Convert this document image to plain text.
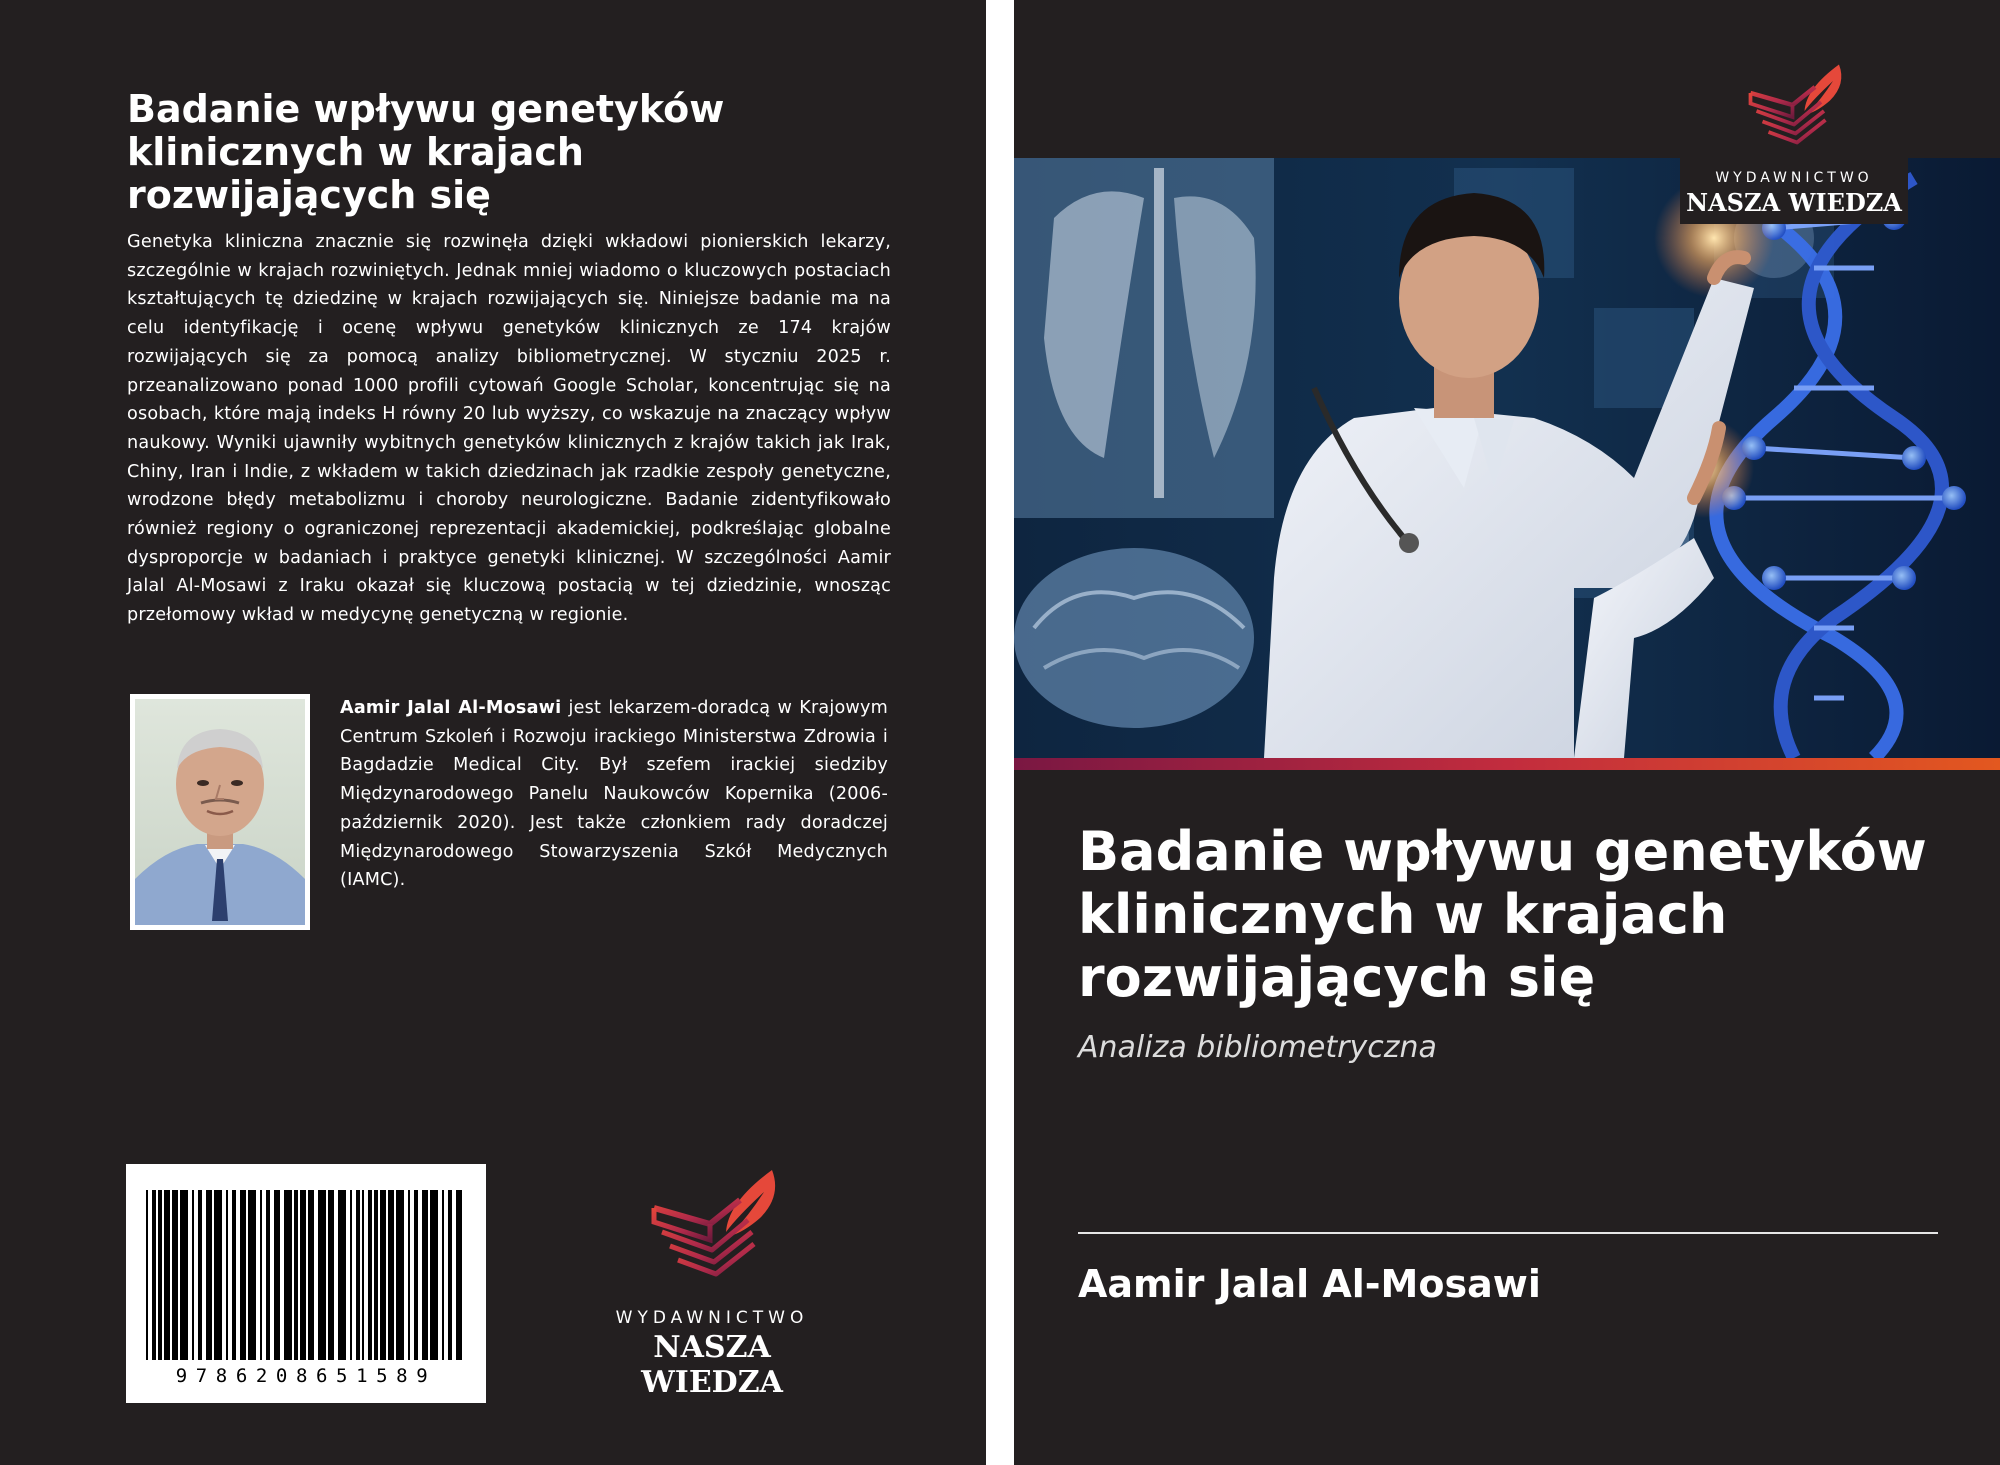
Badanie wpływu genetyków klinicznych w krajach rozwijających się

Genetyka kliniczna znacznie się rozwinęła dzięki wkładowi pionierskich lekarzy, szczególnie w krajach rozwiniętych. Jednak mniej wiadomo o kluczowych postaciach kształtujących tę dziedzinę w krajach rozwijających się. Niniejsze badanie ma na celu identyfikację i ocenę wpływu genetyków klinicznych ze 174 krajów rozwijających się za pomocą analizy bibliometrycznej. W styczniu 2025 r. przeanalizowano ponad 1000 profili cytowań Google Scholar, koncentrując się na osobach, które mają indeks H równy 20 lub wyższy, co wskazuje na znaczący wpływ naukowy. Wyniki ujawniły wybitnych genetyków klinicznych z krajów takich jak Irak, Chiny, Iran i Indie, z wkładem w takich dziedzinach jak rzadkie zespoły genetyczne, wrodzone błędy metabolizmu i choroby neurologiczne. Badanie zidentyfikowało również regiony o ograniczonej reprezentacji akademickiej, podkreślając globalne dysproporcje w badaniach i praktyce genetyki klinicznej. W szczególności Aamir Jalal Al-Mosawi z Iraku okazał się kluczową postacią w tej dziedzinie, wnosząc przełomowy wkład w medycynę genetyczną w regionie.

Aamir Jalal Al-Mosawi jest lekarzem-doradcą w Krajowym Centrum Szkoleń i Rozwoju irackiego Ministerstwa Zdrowia i Bagdadzie Medical City. Był szefem irackiej siedziby Międzynarodowego Panelu Naukowców Kopernika (2006-październik 2020). Jest także członkiem rady doradczej Międzynarodowego Stowarzyszenia Szkół Medycznych (IAMC).

9786208651589
WYDAWNICTWO
NASZA WIEDZA
WYDAWNICTWO
NASZA WIEDZA
Badanie wpływu genetyków klinicznych w krajach rozwijających się

Analiza bibliometryczna

Aamir Jalal Al-Mosawi
